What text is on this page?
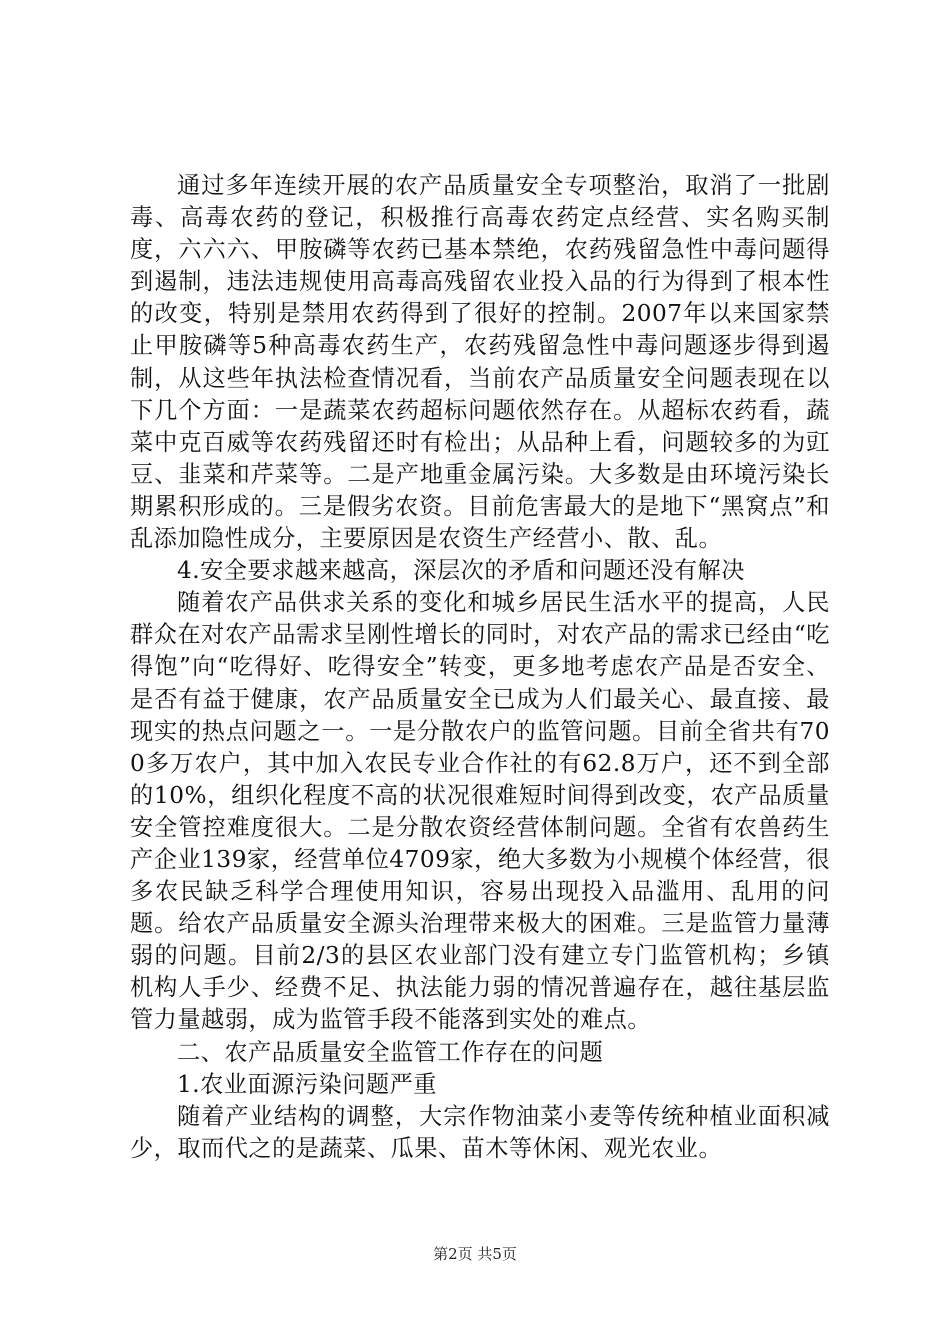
通过多年连续开展的农产品质量安全专项整治，取消了一批剧毒、高毒农药的登记，积极推行高毒农药定点经营、实名购买制度，六六六、甲胺磷等农药已基本禁绝，农药残留急性中毒问题得到遏制，违法违规使用高毒高残留农业投入品的行为得到了根本性的改变，特别是禁用农药得到了很好的控制。2007年以来国家禁止甲胺磷等5种高毒农药生产，农药残留急性中毒问题逐步得到遏制，从这些年执法检查情况看，当前农产品质量安全问题表现在以下几个方面：一是蔬菜农药超标问题依然存在。从超标农药看，蔬菜中克百威等农药残留还时有检出；从品种上看，问题较多的为豇豆、韭菜和芹菜等。二是产地重金属污染。大多数是由环境污染长期累积形成的。三是假劣农资。目前危害最大的是地下“黑窝点”和乱添加隐性成分，主要原因是农资生产经营小、散、乱。

4.安全要求越来越高，深层次的矛盾和问题还没有解决

随着农产品供求关系的变化和城乡居民生活水平的提高，人民群众在对农产品需求呈刚性增长的同时，对农产品的需求已经由“吃得饱”向“吃得好、吃得安全”转变，更多地考虑农产品是否安全、是否有益于健康，农产品质量安全已成为人们最关心、最直接、最现实的热点问题之一。一是分散农户的监管问题。目前全省共有700多万农户，其中加入农民专业合作社的有62.8万户，还不到全部的10%，组织化程度不高的状况很难短时间得到改变，农产品质量安全管控难度很大。二是分散农资经营体制问题。全省有农兽药生产企业139家，经营单位4709家，绝大多数为小规模个体经营，很多农民缺乏科学合理使用知识，容易出现投入品滥用、乱用的问题。给农产品质量安全源头治理带来极大的困难。三是监管力量薄弱的问题。目前2/3的县区农业部门没有建立专门监管机构；乡镇机构人手少、经费不足、执法能力弱的情况普遍存在，越往基层监管力量越弱，成为监管手段不能落到实处的难点。

二、农产品质量安全监管工作存在的问题

1.农业面源污染问题严重

随着产业结构的调整，大宗作物油菜小麦等传统种植业面积减少，取而代之的是蔬菜、瓜果、苗木等休闲、观光农业。

第2页 共5页
